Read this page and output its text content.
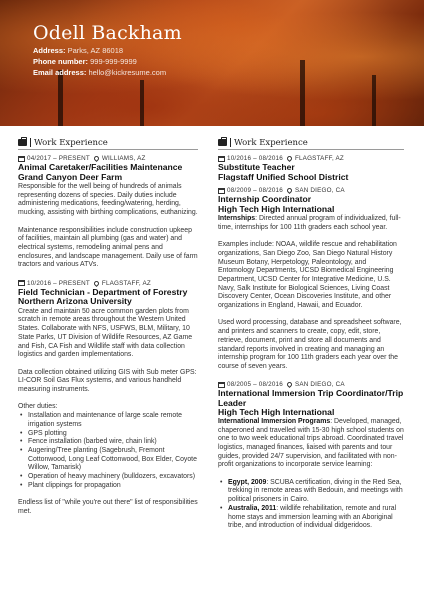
Odell Backham
Address: Parks, AZ 86018
Phone number: 999-999-9999
Email address: hello@kickresume.com
Work Experience
04/2017 – PRESENT WILLIAMS, AZ
Animal Caretaker/Facilities Maintenance
Grand Canyon Deer Farm

Responsible for the well being of hundreds of animals representing dozens of species. Daily duties include administering medications, feeding/watering, herding, mucking, assisting with birthing complications, euthanizing.

Maintenance responsibilities include construction upkeep of facilities, maintain all plumbing (gas and water) and electrical systems, remodeling animal pens and enclosures, and landscape management. Daily use of farm tractors and various ATVs.

10/2016 – PRESENT FLAGSTAFF, AZ
Field Technician - Department of Forestry
Northern Arizona University

Create and maintain 50 acre common garden plots from scratch in remote areas throughout the Western United States. Collaborate with NFS, USFWS, BLM, Military, 10 State Parks, UT Division of Wildlife Resources, AZ Game and Fish, CA Fish and Wildlife staff with data collection logistics and garden implementations.

Data collection obtained utilizing GIS with Sub meter GPS: LI-COR Soil Gas Flux systems, and various handheld measuring instruments.

Other duties:

• Installation and maintenance of large scale remote irrigation systems
• GPS plotting
• Fence installation (barbed wire, chain link)
• Augering/Tree planting (Sagebrush, Fremont Cottonwood, Long Leaf Cottonwood, Box Elder, Coyote Willow, Tamarisk)
• Operation of heavy machinery (bulldozers, excavators)
• Plant clippings for propagation

Endless list of "while you're out there" list of responsibilities met.

Work Experience
10/2016 – 08/2016 FLAGSTAFF, AZ
Substitute Teacher
Flagstaff Unified School District
08/2009 – 08/2016 SAN DIEGO, CA
Internship Coordinator
High Tech High International

Internships: Directed annual program of individualized, full-time, internships for 100 11th graders each school year.

Examples include: NOAA, wildlife rescue and rehabilitation organizations, San Diego Zoo, San Diego Natural History Museum Botany, Herpetology, Paleontology, and Entomology Departments, UCSD Biomedical Engineering Department, UCSD Center for Integrative Medicine, U.S. Navy, Salk Institute for Biological Sciences, Living Coast Discovery Center, Ocean Discoveries Institute, and other organizations in England, Hawaii, and Ecuador.

Used word processing, database and spreadsheet software, and printers and scanners to create, copy, edit, store, retrieve, document, print and store all documents and standard reports involved in creating and managing an internship program for 100 11th graders each year over the course of seven years.

08/2005 – 08/2016 SAN DIEGO, CA
International Immersion Trip Coordinator/Trip Leader
High Tech High International

International Immersion Programs: Developed, managed, chaperoned and travelled with 15-30 high school students on one to two week educational trips abroad. Coordinated travel logistics, managed finances, liaised with parents and tour guides, provided 24/7 supervision, and facilitated with non-profit organizations to incorporate service learning:

• Egypt, 2009: SCUBA certification, diving in the Red Sea, trekking in remote areas with Bedouin, and meetings with political prisoners in Cairo.
• Australia, 2011: wildlife rehabilitation, remote and rural home stays and immersion learning with an Aboriginal tribe, and introduction of individual didgeridoos.
